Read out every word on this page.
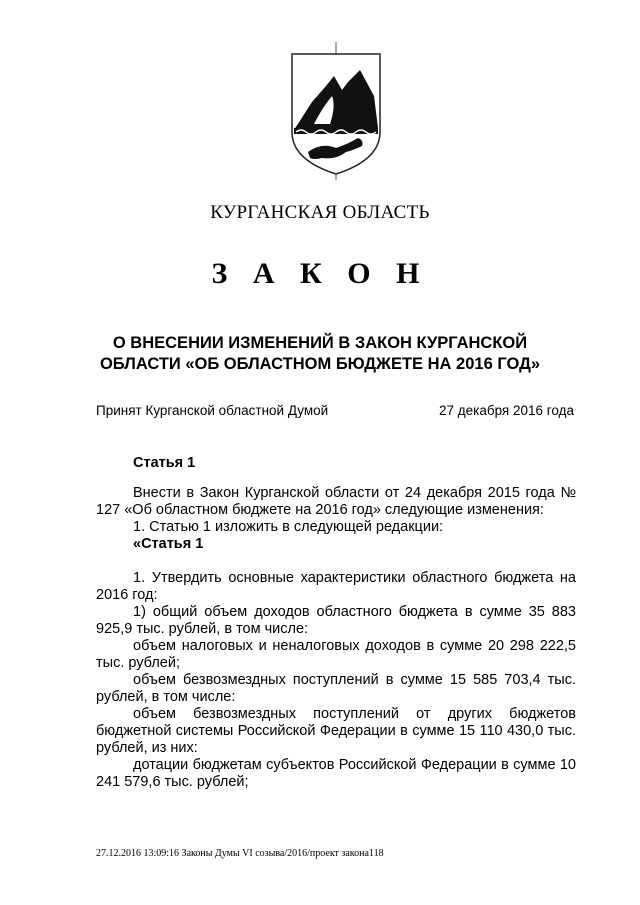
КУРГАНСКАЯ ОБЛАСТЬ
З А К О Н
О ВНЕСЕНИИ ИЗМЕНЕНИЙ В ЗАКОН КУРГАНСКОЙ
ОБЛАСТИ «ОБ ОБЛАСТНОМ БЮДЖЕТЕ НА 2016 ГОД»
Принят Курганской областной Думой	27 декабря 2016 года
Статья 1

Внести в Закон Курганской области от 24 декабря 2015 года № 127 «Об областном бюджете на 2016 год» следующие изменения:

1. Статью 1 изложить в следующей редакции:

«Статья 1

1. Утвердить основные характеристики областного бюджета на 2016 год:

1) общий объем доходов областного бюджета в сумме 35 883 925,9 тыс. рублей, в том числе:

объем налоговых и неналоговых доходов в сумме 20 298 222,5 тыс. рублей;

объем безвозмездных поступлений в сумме 15 585 703,4 тыс. рублей, в том числе:

объем безвозмездных поступлений от других бюджетов бюджетной системы Российской Федерации в сумме 15 110 430,0 тыс. рублей, из них:

дотации бюджетам субъектов Российской Федерации в сумме 10 241 579,6 тыс. рублей;

27.12.2016 13:09:16 Законы Думы VI созыва/2016/проект закона118
